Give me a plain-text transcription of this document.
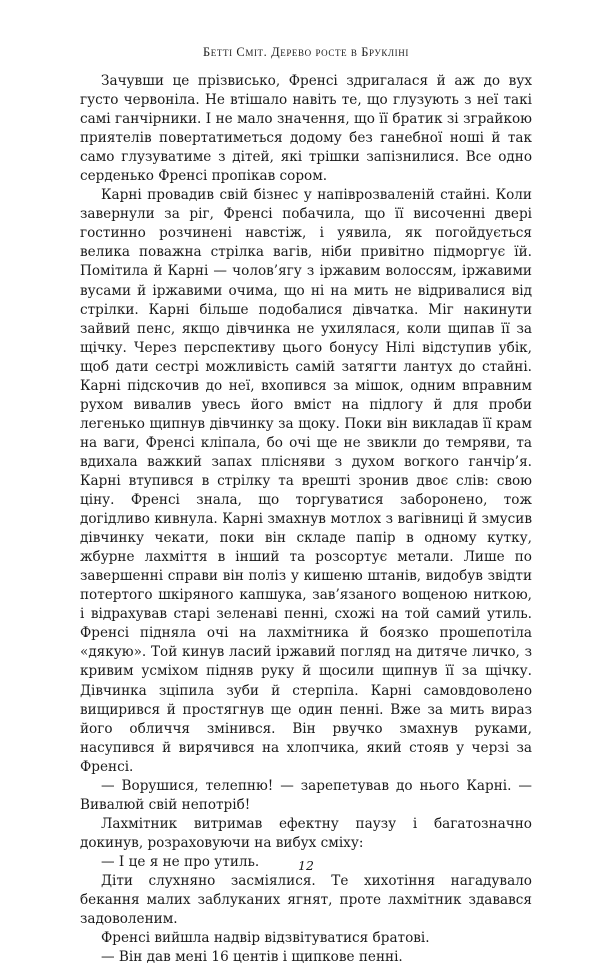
Бетті Сміт. Дерево росте в Брукліні

Зачувши це прізвисько, Френсі здригалася й аж до вух густо червоніла. Не втішало навіть те, що глузують з неї такі самі ганчірники. І не мало значення, що її братик зі зграйкою приятелів повертатиметься додому без ганебної ноші й так само глузуватиме з дітей, які трішки запізнилися. Все одно серденько Френсі пропікав сором.

Карні провадив свій бізнес у напіврозваленій стайні. Коли завернули за ріг, Френсі побачила, що її височенні двері гостинно розчинені навстіж, і уявила, як погойдується велика поважна стрілка вагів, ніби привітно підморгує їй. Помітила й Карні — чолов’ягу з іржавим волоссям, іржавими вусами й іржавими очима, що ні на мить не відривалися від стрілки. Карні більше подобалися дівчатка. Міг накинути зайвий пенс, якщо дівчинка не ухилялася, коли щипав її за щічку. Через перспективу цього бонусу Нілі відступив убік, щоб дати сестрі можливість самій затягти лантух до стайні. Карні підскочив до неї, вхопився за мішок, одним вправним рухом вивалив увесь його вміст на підлогу й для проби легенько щипнув дівчинку за щоку. Поки він викладав її крам на ваги, Френсі кліпала, бо очі ще не звикли до темряви, та вдихала важкий запах плісняви з духом вогкого ганчір’я. Карні втупився в стрілку та врешті зронив двоє слів: свою ціну. Френсі знала, що торгуватися заборонено, тож догідливо кивнула. Карні змахнув мотлох з вагівниці й змусив дівчинку чекати, поки він складе папір в одному кутку, жбурне лахміття в інший та розсортує метали. Лише по завершенні справи він поліз у кишеню штанів, видобув звідти потертого шкіряного капшука, зав’язаного вощеною ниткою, і відрахував старі зеленаві пенні, схожі на той самий утиль. Френсі підняла очі на лахмітника й боязко прошепотіла «дякую». Той кинув ласий іржавий погляд на дитяче личко, з кривим усміхом підняв руку й щосили щипнув її за щічку. Дівчинка зціпила зуби й стерпіла. Карні самовдоволено вищирився й простягнув ще один пенні. Вже за мить вираз його обличчя змінився. Він рвучко змахнув руками, насупився й вирячився на хлопчика, який стояв у черзі за Френсі.

— Ворушися, телепню! — зарепетував до нього Карні. — Вивалюй свій непотріб!

Лахмітник витримав ефектну паузу і багатозначно докинув, розраховуючи на вибух сміху:

— І це я не про утиль.

Діти слухняно засміялися. Те хихотіння нагадувало бекання малих заблуканих ягнят, проте лахмітник здавався задоволеним.

Френсі вийшла надвір відзвітуватися братові.

— Він дав мені 16 центів і щипкове пенні.

12
